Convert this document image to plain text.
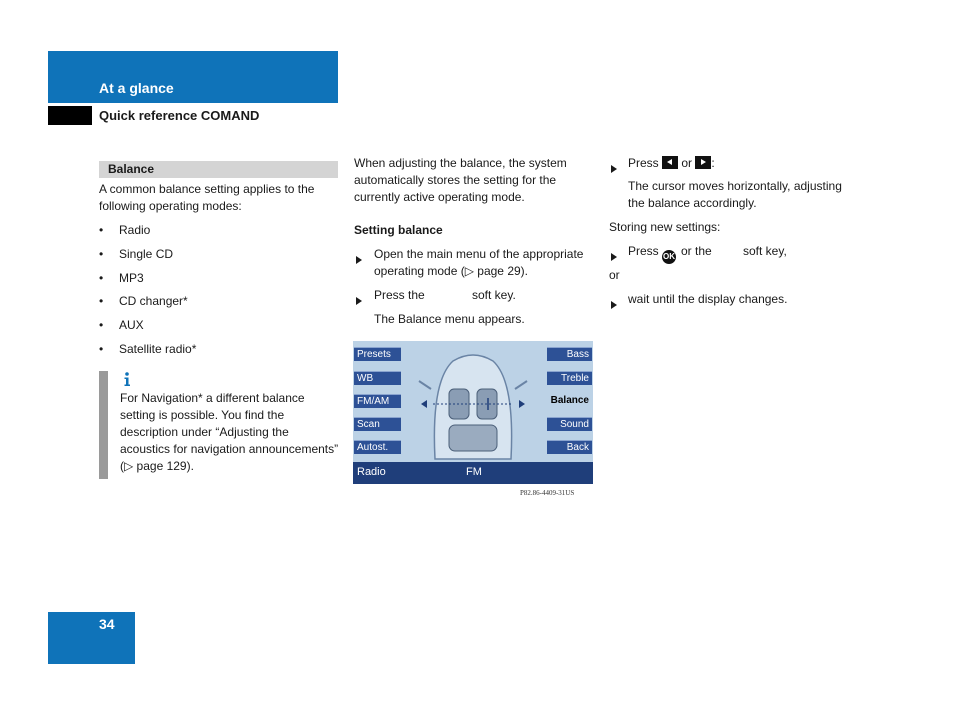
At a glance
Quick reference COMAND
Balance
A common balance setting applies to the following operating modes:
• Radio
• Single CD
• MP3
• CD changer*
• AUX
• Satellite radio*
For Navigation* a different balance setting is possible. You find the description under “Adjusting the acoustics for navigation announcements” (▷ page 129).
When adjusting the balance, the system automatically stores the setting for the currently active operating mode.
Setting balance
Open the main menu of the appropriate operating mode (▷ page 29).
Press the	soft key.
The Balance menu appears.
Presets
WB
FM/AM
Scan
Autost.
Bass
Treble
Balance
Sound
Back
Radio	FM
P82.86-4409-31US
Press or :
The cursor moves horizontally, adjusting the balance accordingly.
Storing new settings:
Press OK or the	soft key,
or
wait until the display changes.
34
